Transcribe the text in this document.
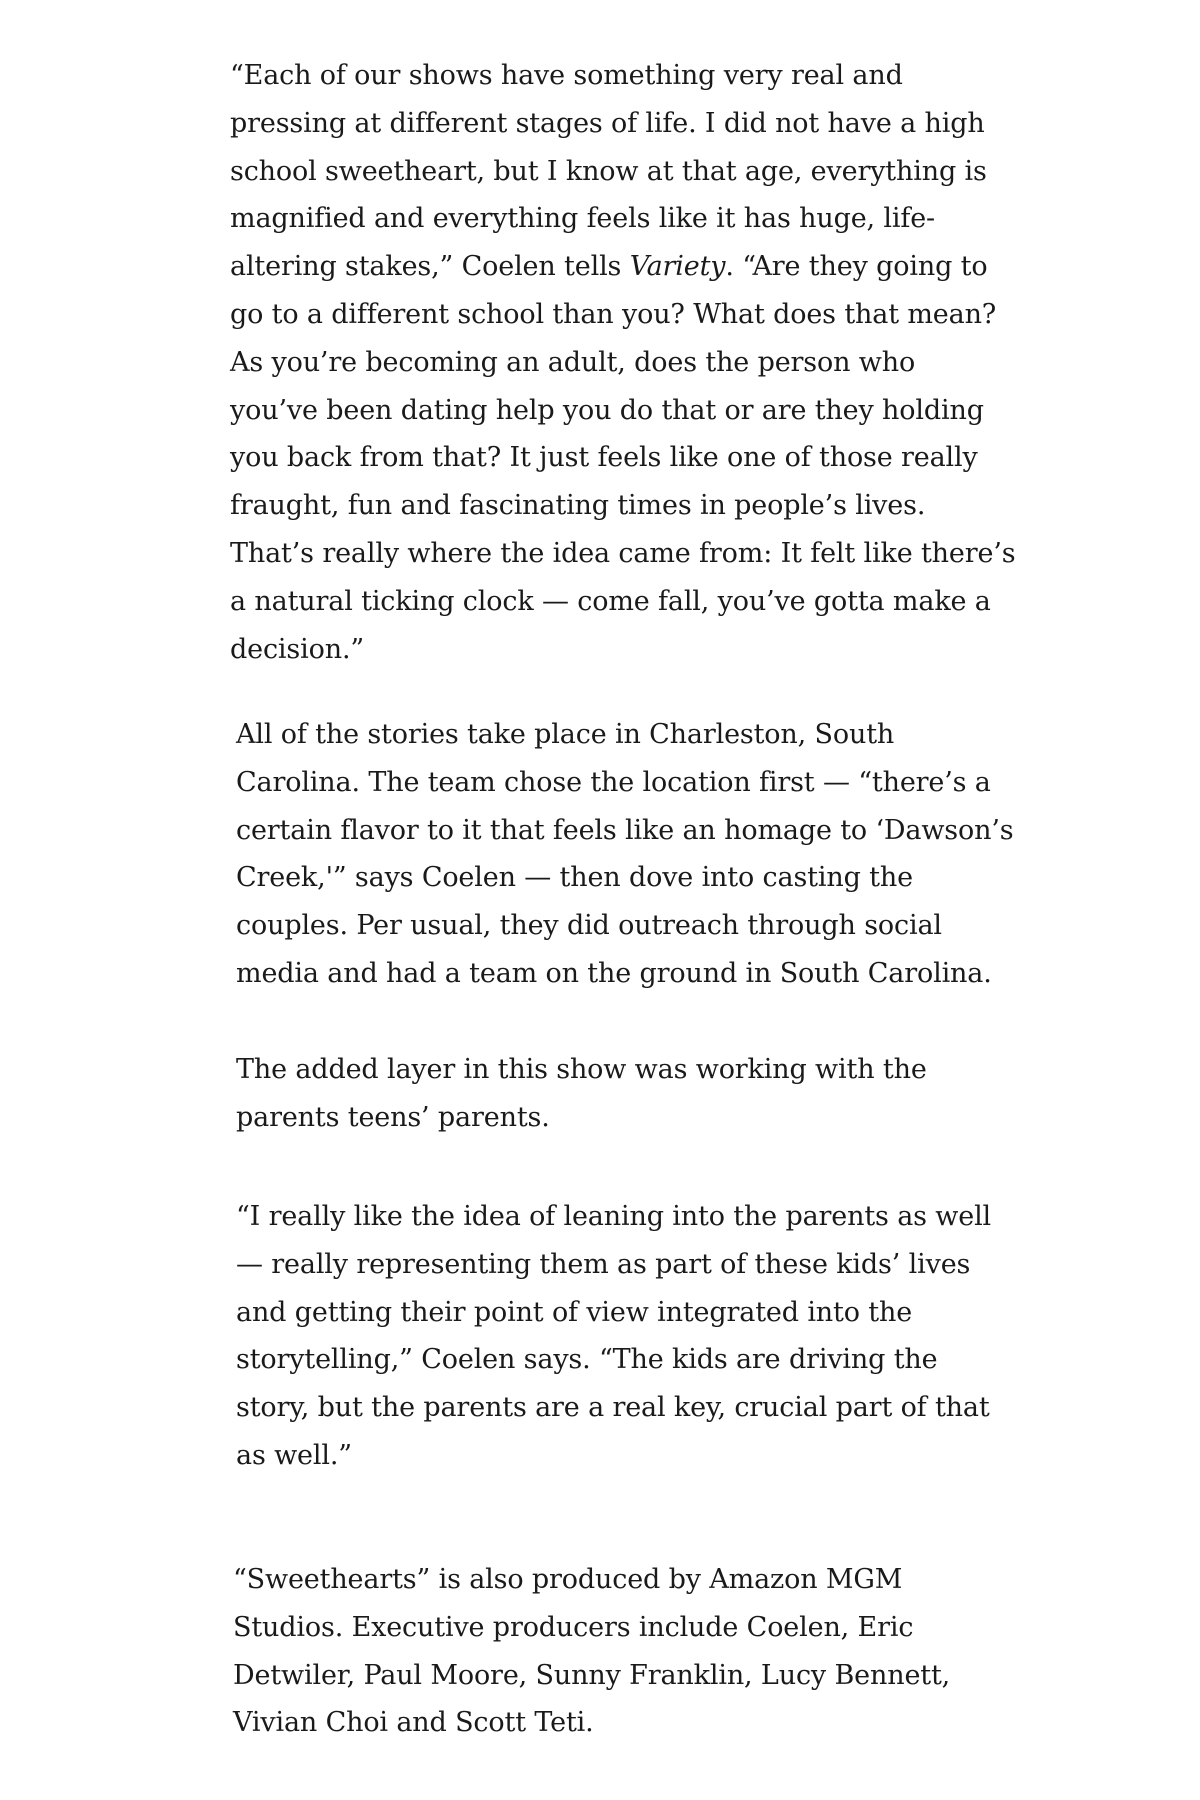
“Each of our shows have something very real and
pressing at different stages of life. I did not have a high
school sweetheart, but I know at that age, everything is
magnified and everything feels like it has huge, life-
altering stakes,” Coelen tells Variety. “Are they going to
go to a different school than you? What does that mean?
As you’re becoming an adult, does the person who
you’ve been dating help you do that or are they holding
you back from that? It just feels like one of those really
fraught, fun and fascinating times in people’s lives.
That’s really where the idea came from: It felt like there’s
a natural ticking clock — come fall, you’ve gotta make a
decision.”

All of the stories take place in Charleston, South
Carolina. The team chose the location first — “there’s a
certain flavor to it that feels like an homage to ‘Dawson’s
Creek,'” says Coelen — then dove into casting the
couples. Per usual, they did outreach through social
media and had a team on the ground in South Carolina.

The added layer in this show was working with the
parents teens’ parents.

“I really like the idea of leaning into the parents as well
— really representing them as part of these kids’ lives
and getting their point of view integrated into the
storytelling,” Coelen says. “The kids are driving the
story, but the parents are a real key, crucial part of that
as well.”

“Sweethearts” is also produced by Amazon MGM
Studios. Executive producers include Coelen, Eric
Detwiler, Paul Moore, Sunny Franklin, Lucy Bennett,
Vivian Choi and Scott Teti.
